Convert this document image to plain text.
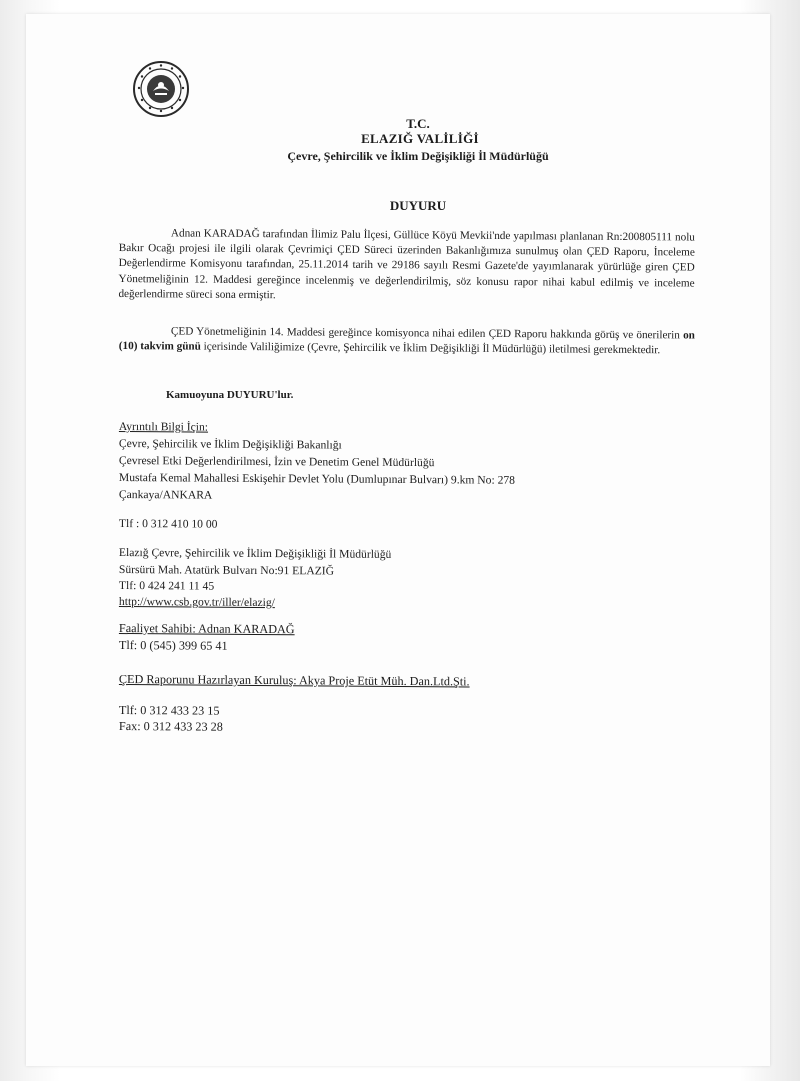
T.C.
ELAZIĞ VALİLİĞİ
Çevre, Şehircilik ve İklim Değişikliği İl Müdürlüğü
DUYURU
Adnan KARADAĞ tarafından İlimiz Palu İlçesi, Güllüce Köyü Mevkii'nde yapılması planlanan Rn:200805111 nolu Bakır Ocağı projesi ile ilgili olarak Çevrimiçi ÇED Süreci üzerinden Bakanlığımıza sunulmuş olan ÇED Raporu, İnceleme Değerlendirme Komisyonu tarafından, 25.11.2014 tarih ve 29186 sayılı Resmi Gazete'de yayımlanarak yürürlüğe giren ÇED Yönetmeliğinin 12. Maddesi gereğince incelenmiş ve değerlendirilmiş, söz konusu rapor nihai kabul edilmiş ve inceleme değerlendirme süreci sona ermiştir.
ÇED Yönetmeliğinin 14. Maddesi gereğince komisyonca nihai edilen ÇED Raporu hakkında görüş ve önerilerin on (10) takvim günü içerisinde Valiliğimize (Çevre, Şehircilik ve İklim Değişikliği İl Müdürlüğü) iletilmesi gerekmektedir.
Kamuoyuna DUYURU'lur.
Ayrıntılı Bilgi İçin:
Çevre, Şehircilik ve İklim Değişikliği Bakanlığı
Çevresel Etki Değerlendirilmesi, İzin ve Denetim Genel Müdürlüğü
Mustafa Kemal Mahallesi Eskişehir Devlet Yolu (Dumlupınar Bulvarı) 9.km No: 278
Çankaya/ANKARA
Tlf : 0 312 410 10 00
Elazığ Çevre, Şehircilik ve İklim Değişikliği İl Müdürlüğü
Sürsürü Mah. Atatürk Bulvarı No:91 ELAZIĞ
Tlf: 0 424 241 11 45
http://www.csb.gov.tr/iller/elazig/
Faaliyet Sahibi: Adnan KARADAĞ
Tlf: 0 (545) 399 65 41
ÇED Raporunu Hazırlayan Kuruluş: Akya Proje Etüt Müh. Dan.Ltd.Şti.
Tlf: 0 312 433 23 15
Fax: 0 312 433 23 28
